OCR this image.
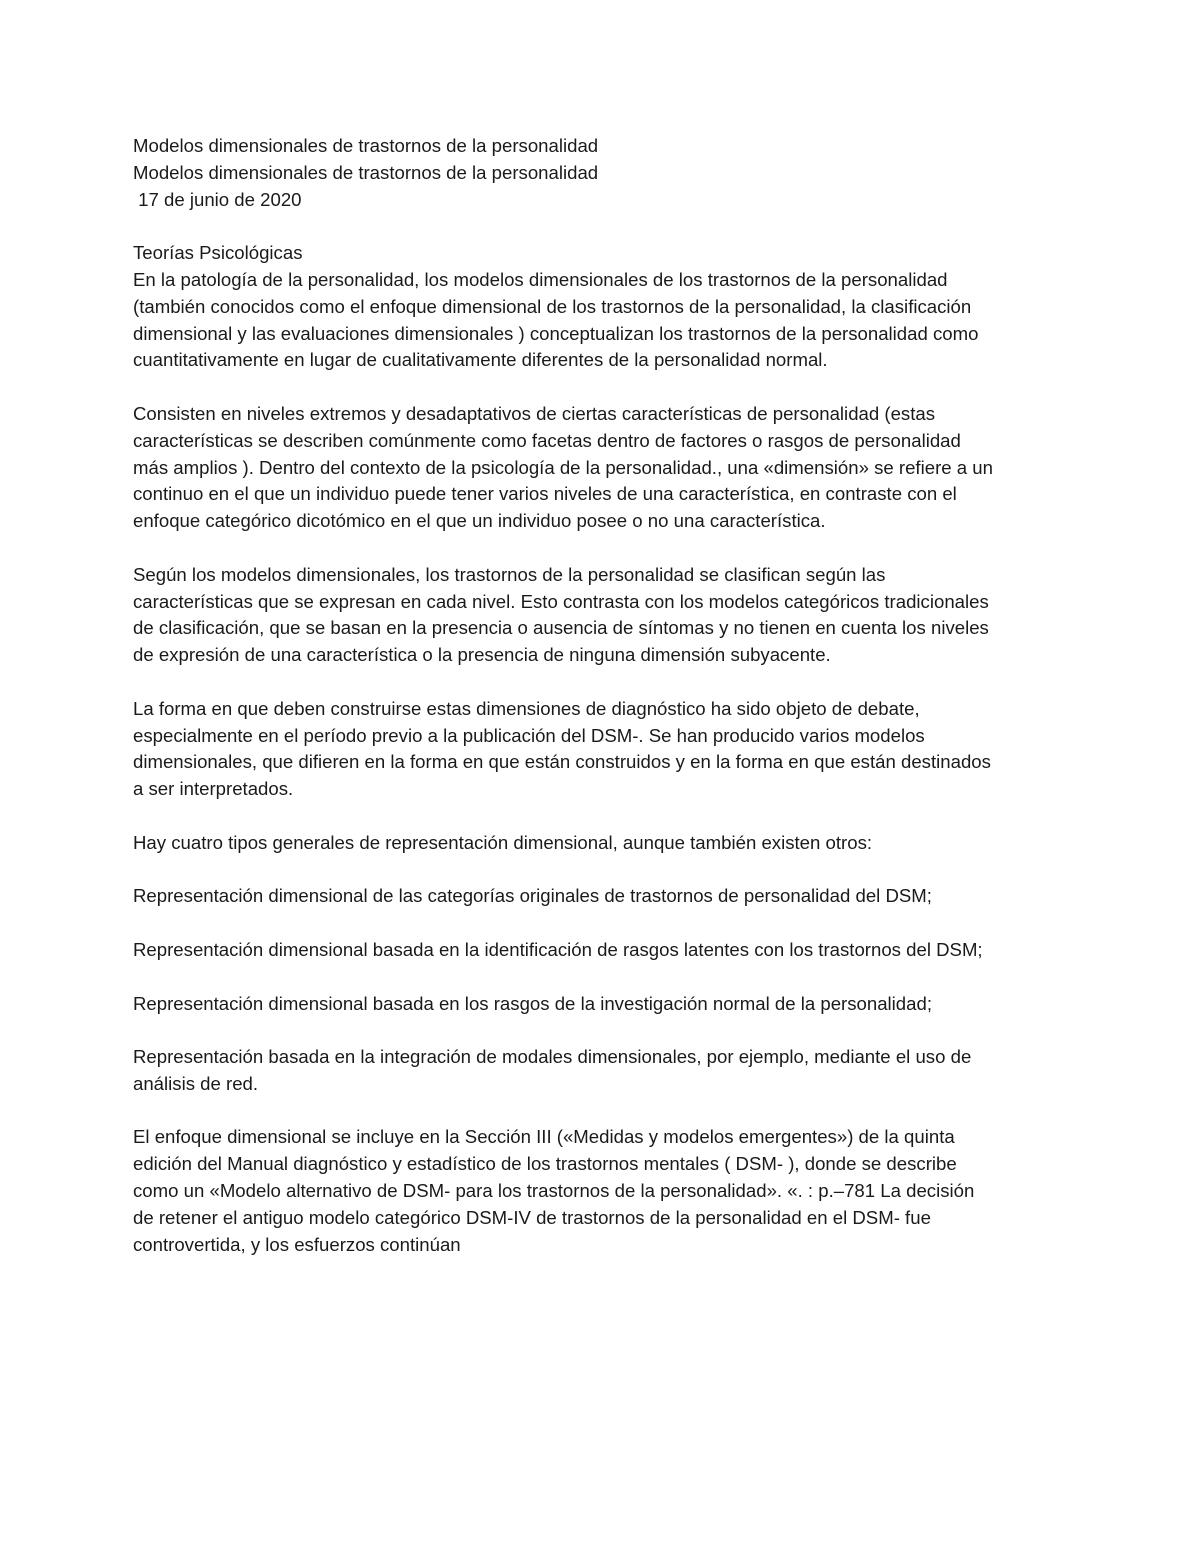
Modelos dimensionales de trastornos de la personalidad

Modelos dimensionales de trastornos de la personalidad

17 de junio de 2020

Teorías Psicológicas

En la patología de la personalidad, los modelos dimensionales de los trastornos de la personalidad (también conocidos como el enfoque dimensional de los trastornos de la personalidad, la clasificación dimensional y las evaluaciones dimensionales ) conceptualizan los trastornos de la personalidad como cuantitativamente en lugar de cualitativamente diferentes de la personalidad normal.

Consisten en niveles extremos y desadaptativos de ciertas características de personalidad (estas características se describen comúnmente como facetas dentro de factores o rasgos de personalidad más amplios ). Dentro del contexto de la psicología de la personalidad., una «dimensión» se refiere a un continuo en el que un individuo puede tener varios niveles de una característica, en contraste con el enfoque categórico dicotómico en el que un individuo posee o no una característica.

Según los modelos dimensionales, los trastornos de la personalidad se clasifican según las características que se expresan en cada nivel. Esto contrasta con los modelos categóricos tradicionales de clasificación, que se basan en la presencia o ausencia de síntomas y no tienen en cuenta los niveles de expresión de una característica o la presencia de ninguna dimensión subyacente.

La forma en que deben construirse estas dimensiones de diagnóstico ha sido objeto de debate, especialmente en el período previo a la publicación del DSM-. Se han producido varios modelos dimensionales, que difieren en la forma en que están construidos y en la forma en que están destinados a ser interpretados.

Hay cuatro tipos generales de representación dimensional, aunque también existen otros:

Representación dimensional de las categorías originales de trastornos de personalidad del DSM;

Representación dimensional basada en la identificación de rasgos latentes con los trastornos del DSM;

Representación dimensional basada en los rasgos de la investigación normal de la personalidad;

Representación basada en la integración de modales dimensionales, por ejemplo, mediante el uso de análisis de red.

El enfoque dimensional se incluye en la Sección III («Medidas y modelos emergentes») de la quinta edición del Manual diagnóstico y estadístico de los trastornos mentales ( DSM- ), donde se describe como un «Modelo alternativo de DSM- para los trastornos de la personalidad». «. : p.–781 La decisión de retener el antiguo modelo categórico DSM-IV de trastornos de la personalidad en el DSM- fue controvertida, y los esfuerzos continúan
